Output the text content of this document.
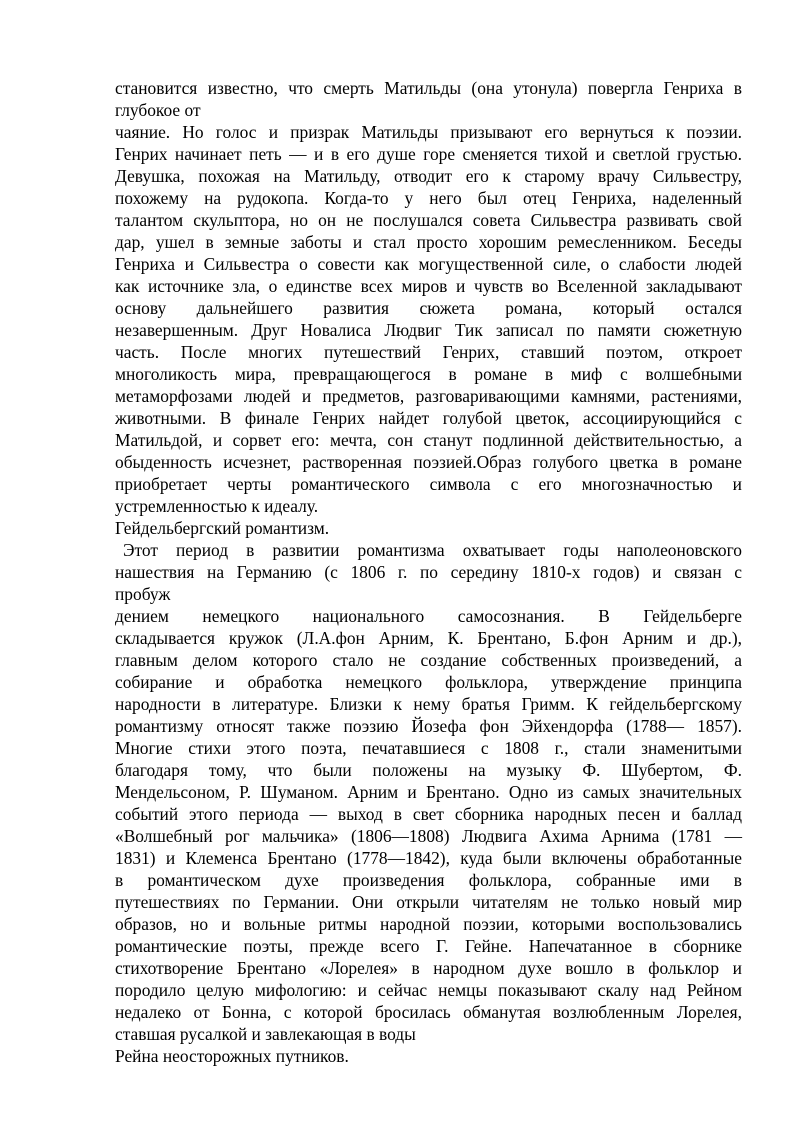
становится известно, что смерть Матильды (она утонула) повергла Генриха в
глубокое от
чаяние. Но голос и призрак Матильды призывают его вернуться к поэзии.
Генрих начинает петь — и в его душе горе сменяется тихой и светлой грустью.
Девушка, похожая на Матильду, отводит его к старому врачу Сильвестру,
похожему на рудокопа. Когда-то у него был отец Генриха, наделенный
талантом скульптора, но он не послушался совета Сильвестра развивать свой
дар, ушел в земные заботы и стал просто хорошим ремесленником. Беседы
Генриха и Сильвестра о совести как могущественной силе, о слабости людей
как источнике зла, о единстве всех миров и чувств во Вселенной закладывают
основу дальнейшего развития сюжета романа, который остался
незавершенным. Друг Новалиса Людвиг Тик записал по памяти сюжетную
часть. После многих путешествий Генрих, ставший поэтом, откроет
многоликость мира, превращающегося в романе в миф с волшебными
метаморфозами людей и предметов, разговаривающими камнями, растениями,
животными. В финале Генрих найдет голубой цветок, ассоциирующийся с
Матильдой, и сорвет его: мечта, сон станут подлинной действительностью, а
обыденность исчезнет, растворенная поэзией.Образ голубого цветка в романе
приобретает черты романтического символа с его многозначностью и
устремленностью к идеалу.
Гейдельбергский романтизм.
Этот период в развитии романтизма охватывает годы наполеоновского
нашествия на Германию (с 1806 г. по середину 1810-х годов) и связан с
пробуж
дением немецкого национального самосознания. В Гейдельберге
складывается кружок (Л.А.фон Арним, К. Брентано, Б.фон Арним и др.),
главным делом которого стало не создание собственных произведений, а
собирание и обработка немецкого фольклора, утверждение принципа
народности в литературе. Близки к нему братья Гримм. К гейдельбергскому
романтизму относят также поэзию Йозефа фон Эйхендорфа (1788— 1857).
Многие стихи этого поэта, печатавшиеся с 1808 г., стали знаменитыми
благодаря тому, что были положены на музыку Ф. Шубертом, Ф.
Мендельсоном, Р. Шуманом. Арним и Брентано. Одно из самых значительных
событий этого периода — выход в свет сборника народных песен и баллад
«Волшебный рог мальчика» (1806—1808) Людвига Ахима Арнима (1781 —
1831) и Клеменса Брентано (1778—1842), куда были включены обработанные
в романтическом духе произведения фольклора, собранные ими в
путешествиях по Германии. Они открыли читателям не только новый мир
образов, но и вольные ритмы народной поэзии, которыми воспользовались
романтические поэты, прежде всего Г. Гейне. Напечатанное в сборнике
стихотворение Брентано «Лорелея» в народном духе вошло в фольклор и
породило целую мифологию: и сейчас немцы показывают скалу над Рейном
недалеко от Бонна, с которой бросилась обманутая возлюбленным Лорелея,
ставшая русалкой и завлекающая в воды
Рейна неосторожных путников.
